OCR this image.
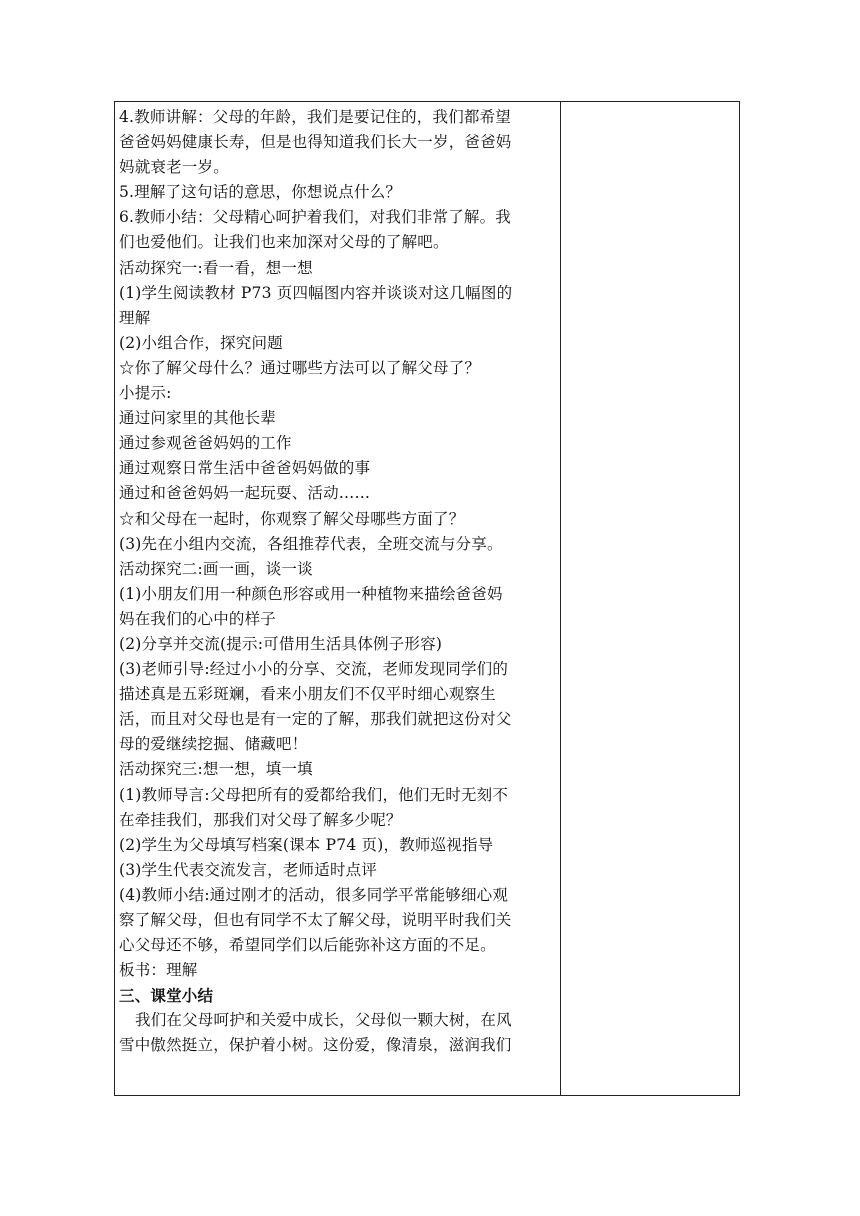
4.教师讲解：父母的年龄，我们是要记住的，我们都希望
爸爸妈妈健康长寿，但是也得知道我们长大一岁，爸爸妈
妈就衰老一岁。
5.理解了这句话的意思，你想说点什么？
6.教师小结：父母精心呵护着我们，对我们非常了解。我
们也爱他们。让我们也来加深对父母的了解吧。
活动探究一:看一看，想一想
(1)学生阅读教材 P73 页四幅图内容并谈谈对这几幅图的
理解
(2)小组合作，探究问题
☆你了解父母什么？通过哪些方法可以了解父母了？
小提示:
通过问家里的其他长辈
通过参观爸爸妈妈的工作
通过观察日常生活中爸爸妈妈做的事
通过和爸爸妈妈一起玩耍、活动……
☆和父母在一起时，你观察了解父母哪些方面了？
(3)先在小组内交流，各组推荐代表，全班交流与分享。
活动探究二:画一画，谈一谈
(1)小朋友们用一种颜色形容或用一种植物来描绘爸爸妈
妈在我们的心中的样子
(2)分享并交流(提示:可借用生活具体例子形容)
(3)老师引导:经过小小的分享、交流，老师发现同学们的
描述真是五彩斑斓，看来小朋友们不仅平时细心观察生
活，而且对父母也是有一定的了解，那我们就把这份对父
母的爱继续挖掘、储藏吧！
活动探究三:想一想，填一填
(1)教师导言:父母把所有的爱都给我们，他们无时无刻不
在牵挂我们，那我们对父母了解多少呢？
(2)学生为父母填写档案(课本 P74 页)，教师巡视指导
(3)学生代表交流发言，老师适时点评
(4)教师小结:通过刚才的活动，很多同学平常能够细心观
察了解父母，但也有同学不太了解父母，说明平时我们关
心父母还不够，希望同学们以后能弥补这方面的不足。
板书：理解
三、课堂小结
我们在父母呵护和关爱中成长，父母似一颗大树，在风
雪中傲然挺立，保护着小树。这份爱，像清泉，滋润我们
